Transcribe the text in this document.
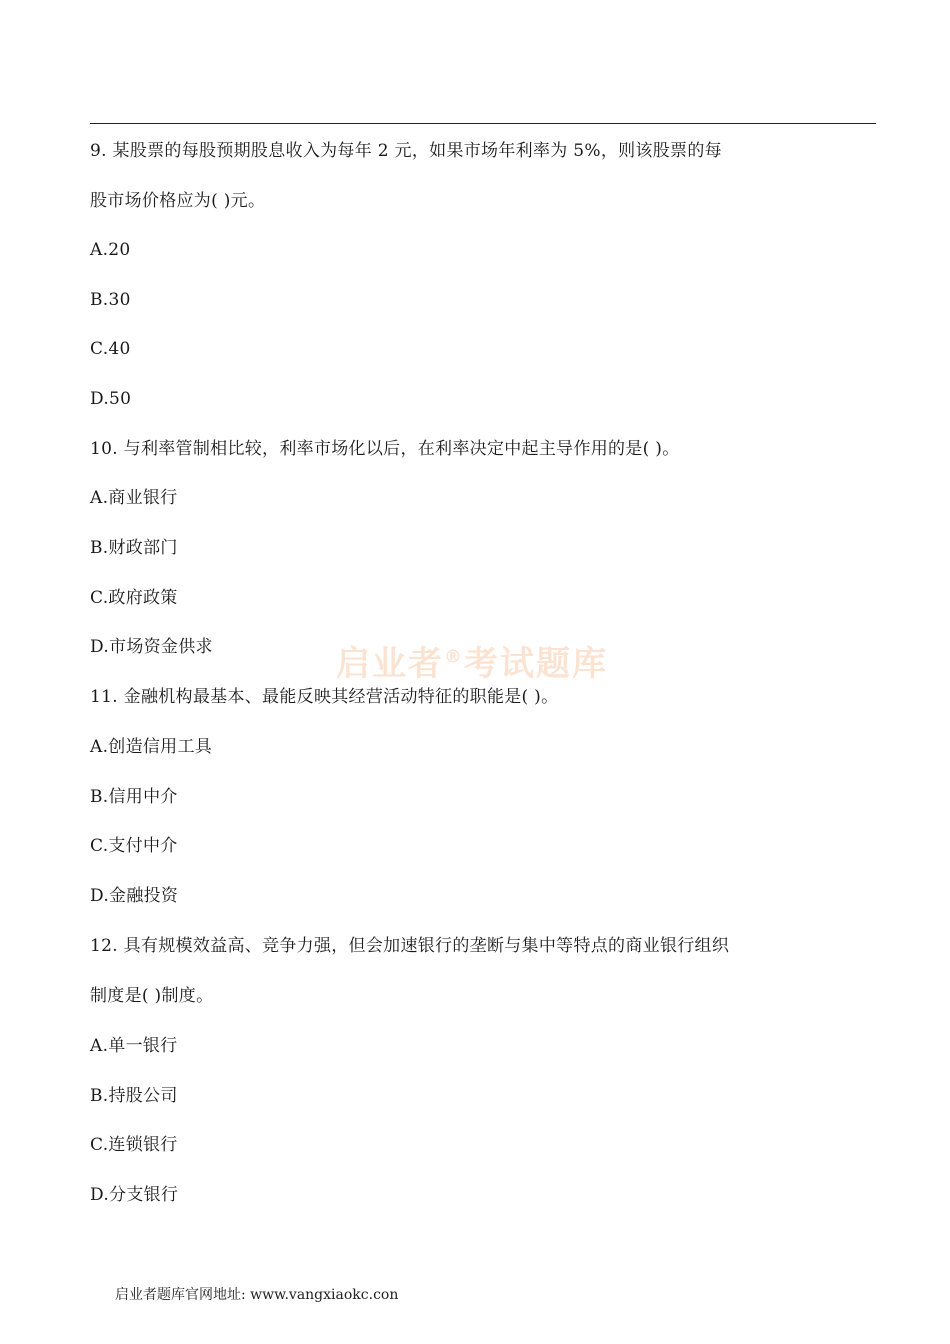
9. 某股票的每股预期股息收入为每年 2 元，如果市场年利率为 5%，则该股票的每
股市场价格应为( )元。
A.20
B.30
C.40
D.50
10. 与利率管制相比较，利率市场化以后，在利率决定中起主导作用的是( )。
A.商业银行
B.财政部门
C.政府政策
D.市场资金供求	启业者®考试题库
11. 金融机构最基本、最能反映其经营活动特征的职能是( )。
A.创造信用工具
B.信用中介
C.支付中介
D.金融投资
12. 具有规模效益高、竞争力强，但会加速银行的垄断与集中等特点的商业银行组织
制度是( )制度。
A.单一银行
B.持股公司
C.连锁银行
D.分支银行
启业者题库官网地址: www.vangxiaokc.con
